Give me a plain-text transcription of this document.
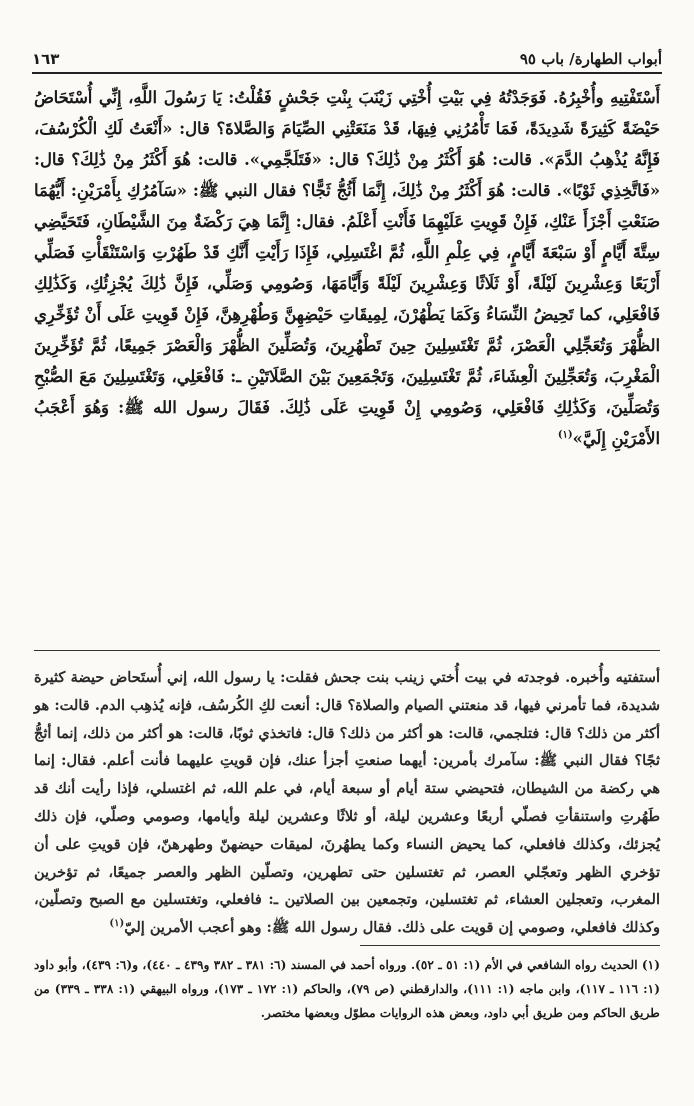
أبواب الطهارة/ باب ٩٥
١٦٣

أَسْتَفْتِيهِ وأُخْبِرُهُ. فَوَجَدْتُهُ فِي بَيْتِ أُخْتِي زَيْنَبَ بِنْتِ جَحْشٍ فَقُلْتُ: يَا رَسُولَ اللَّهِ، إِنِّي أُسْتَحَاضُ حَيْضَةً كَثِيرَةً شَدِيدَةً، فَمَا تَأْمُرُنِي فِيهَا، قَدْ مَنَعَتْنِي الصِّيَامَ وَالصَّلاةَ؟ قال: «أَنْعَتُ لَكِ الْكُرْسُفَ، فَإِنَّهُ يُذْهِبُ الدَّمَ». قالت: هُوَ أَكْثَرُ مِنْ ذَٰلِكَ؟ قال: «فَتَلَجَّمِي». قالت: هُوَ أَكْثَرُ مِنْ ذَٰلِكَ؟ قال: «فَاتَّخِذِي ثَوْبًا». قالت: هُوَ أَكْثَرُ مِنْ ذَٰلِكَ، إِنَّمَا أَثُجُّ ثَجًّا؟ فقال النبي ﷺ: «سَآمُرُكِ بِأَمْرَيْنِ: أَيُّهُمَا صَنَعْتِ أَجْزَأَ عَنْكِ، فَإِنْ قَوِيتِ عَلَيْهِمَا فَأَنْتِ أَعْلَمُ. فقال: إِنَّمَا هِيَ رَكْضَةٌ مِنَ الشَّيْطَانِ، فَتَحَيَّضِي سِتَّةَ أَيَّامٍ أَوْ سَبْعَةَ أَيَّامٍ، فِي عِلْمِ اللَّهِ، ثُمَّ اغْتَسِلِي، فَإِذَا رَأَيْتِ أَنَّكِ قَدْ طَهُرْتِ وَاسْتَنْقَأْتِ فَصَلِّي أَرْبَعًا وَعِشْرِينَ لَيْلَةً، أَوْ ثَلَاثًا وَعِشْرِينَ لَيْلَةً وَأَيَّامَهَا، وَصُومِي وَصَلِّي، فَإِنَّ ذَٰلِكَ يُجْزِئُكِ، وَكَذَٰلِكِ فَافْعَلِي، كما تَحِيضُ النِّسَاءُ وَكَمَا يَطْهُرْنَ، لِمِيقَاتِ حَيْضِهِنَّ وَطُهْرِهِنَّ، فَإِنْ قَوِيتِ عَلَى أَنْ تُؤَخِّرِي الظُّهْرَ وَتُعَجِّلِي الْعَصْرَ، ثُمَّ تَغْتَسِلِينَ حِينَ تَطْهُرِينَ، وَتُصَلِّينَ الظُّهْرَ وَالْعَصْرَ جَمِيعًا، ثُمَّ تُؤَخِّرِينَ الْمَغْرِبَ، وَتُعَجِّلِينَ الْعِشَاءَ، ثُمَّ تَغْتَسِلِينَ، وَتَجْمَعِينَ بَيْنَ الصَّلَاتَيْنِ ـ: فَافْعَلِي، وَتَغْتَسِلِينَ مَعَ الصُّبْحِ وَتُصَلِّينَ، وَكَذَٰلِكِ فَافْعَلِي، وَصُومِي إِنْ قَوِيتِ عَلَى ذَٰلِكَ. فَقَالَ رسول الله ﷺ: وَهُوَ أَعْجَبُ الأَمْرَيْنِ إِلَيَّ»$^{(١)}$

أستفتيه وأُخبره. فوجدته في بيت أُختي زينب بنت جحش فقلت: يا رسول الله، إني أُستَحاض حيضة كثيرة شديدة، فما تأمرني فيها، قد منعتني الصيام والصلاة؟ قال: أنعت لكِ الكُرسُف، فإنه يُذهِب الدم. قالت: هو أكثر من ذلك؟ قال: فتلجمي، قالت: هو أكثر من ذلك؟ قال: فاتخذي ثوبًا، قالت: هو أكثر من ذلك، إنما أثجُّ ثجًا؟ فقال النبي ﷺ: سآمرك بأمرين: أيهما صنعتِ أجزأ عنك، فإن قويتِ عليهما فأنت أعلم. فقال: إنما هي ركضة من الشيطان، فتحيضي ستة أيام أو سبعة أيام، في علم الله، ثم اغتسلي، فإذا رأيت أنك قد طَهُرتِ واستنقأتِ فصلّي أربعًا وعشرين ليلة، أو ثلاثًا وعشرين ليلة وأيامها، وصومي وصلّي، فإن ذلك يُجزئك، وكذلك فافعلي، كما يحيض النساء وكما يطهُرنَ، لميقات حيضهنّ وطهرهنّ، فإن قويتِ على أن تؤخري الظهر وتعجّلي العصر، ثم تغتسلين حتى تطهرين، وتصلّين الظهر والعصر جميعًا، ثم تؤخرين المغرب، وتعجلين العشاء، ثم تغتسلين، وتجمعين بين الصلاتين ـ: فافعلي، وتغتسلين مع الصبح وتصلّين، وكذلك فافعلي، وصومي إن قويت على ذلك. فقال رسول الله ﷺ: وهو أعجب الأمرين إليّ$^{(١)}$

(١) الحديث رواه الشافعي في الأم (١: ٥١ ـ ٥٢). ورواه أحمد في المسند (٦: ٣٨١ ـ ٣٨٢ و٤٣٩ ـ ٤٤٠)، و(٦: ٤٣٩)، وأبو داود (١: ١١٦ ـ ١١٧)، وابن ماجه (١: ١١١)، والدارقطني (ص ٧٩)، والحاكم (١: ١٧٢ ـ ١٧٣)، ورواه البيهقي (١: ٣٣٨ ـ ٣٣٩) من طريق الحاكم ومن طريق أبي داود، وبعض هذه الروايات مطوّل وبعضها مختصر.
